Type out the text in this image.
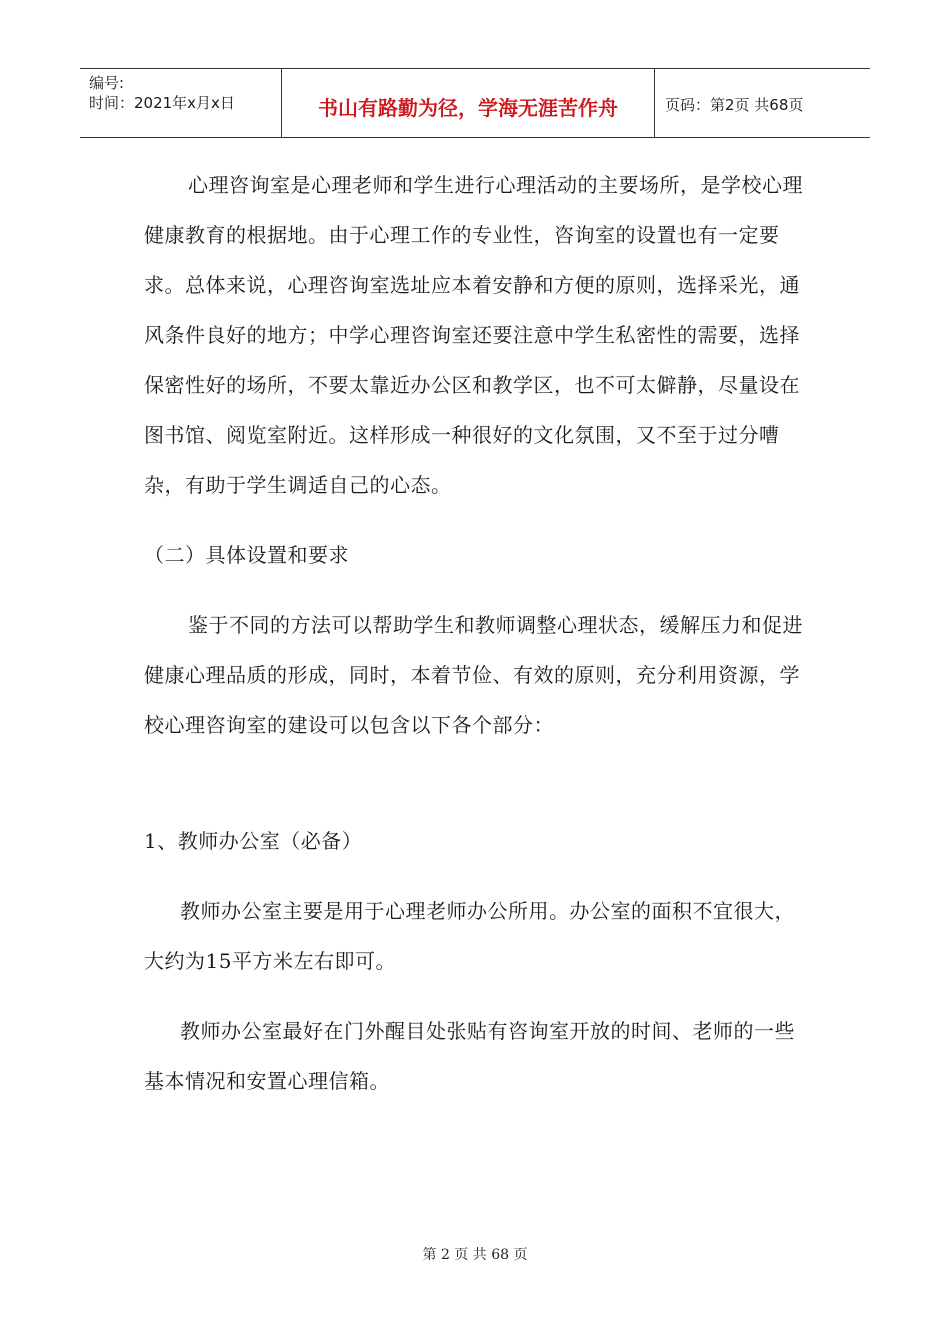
编号:
时间：2021年x月x日	书山有路勤为径，学海无涯苦作舟	页码：第2页 共68页

心理咨询室是心理老师和学生进行心理活动的主要场所，是学校心理健康教育的根据地。由于心理工作的专业性，咨询室的设置也有一定要求。总体来说，心理咨询室选址应本着安静和方便的原则，选择采光，通风条件良好的地方；中学心理咨询室还要注意中学生私密性的需要，选择保密性好的场所，不要太靠近办公区和教学区，也不可太僻静，尽量设在图书馆、阅览室附近。这样形成一种很好的文化氛围，又不至于过分嘈杂，有助于学生调适自己的心态。

（二）具体设置和要求

鉴于不同的方法可以帮助学生和教师调整心理状态，缓解压力和促进健康心理品质的形成，同时，本着节俭、有效的原则，充分利用资源，学校心理咨询室的建设可以包含以下各个部分：

1、教师办公室（必备）

教师办公室主要是用于心理老师办公所用。办公室的面积不宜很大，大约为15平方米左右即可。

教师办公室最好在门外醒目处张贴有咨询室开放的时间、老师的一些基本情况和安置心理信箱。

第 2 页 共 68 页
